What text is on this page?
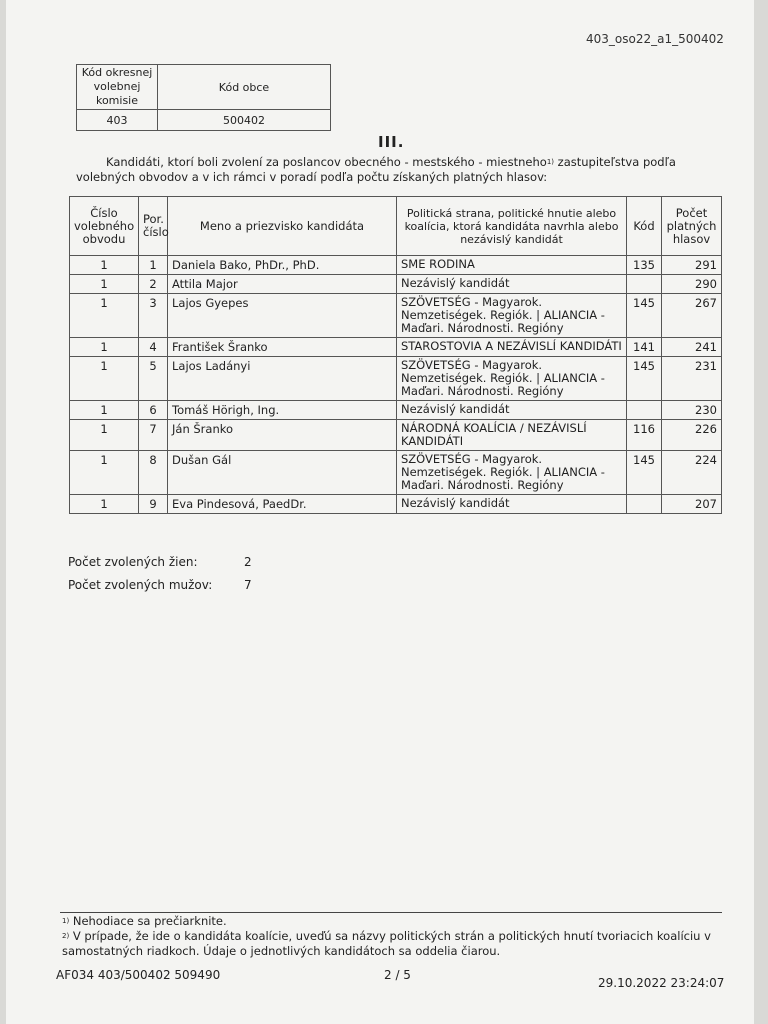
403_oso22_a1_500402
Kód okresnej volebnej komisie	Kód obce
403	500402
III.

Kandidáti, ktorí boli zvolení za poslancov obecného - mestského - miestneho$^{1)}$ zastupiteľstva podľa volebných obvodov a v ich rámci v poradí podľa počtu získaných platných hlasov:

Číslo volebného obvodu	Por. číslo	Meno a priezvisko kandidáta	Politická strana, politické hnutie alebo koalícia, ktorá kandidáta navrhla alebo nezávislý kandidát	Kód	Počet platných hlasov
1	1	Daniela Bako, PhDr., PhD.	SME RODINA	135	291
1	2	Attila Major	Nezávislý kandidát		290
1	3	Lajos Gyepes	SZÖVETSÉG - Magyarok. Nemzetiségek. Regiók. | ALIANCIA - Maďari. Národnosti. Regióny	145	267
1	4	František Šranko	STAROSTOVIA A NEZÁVISLÍ KANDIDÁTI	141	241
1	5	Lajos Ladányi	SZÖVETSÉG - Magyarok. Nemzetiségek. Regiók. | ALIANCIA - Maďari. Národnosti. Regióny	145	231
1	6	Tomáš Hörigh, Ing.	Nezávislý kandidát		230
1	7	Ján Šranko	NÁRODNÁ KOALÍCIA / NEZÁVISLÍ KANDIDÁTI	116	226
1	8	Dušan Gál	SZÖVETSÉG - Magyarok. Nemzetiségek. Regiók. | ALIANCIA - Maďari. Národnosti. Regióny	145	224
1	9	Eva Pindesová, PaedDr.	Nezávislý kandidát		207
Počet zvolených žien:	2
Počet zvolených mužov:	7

$^{1)}$ Nehodiace sa prečiarknite.

$^{2)}$ V prípade, že ide o kandidáta koalície, uveďú sa názvy politických strán a politických hnutí tvoriacich koalíciu v samostatných riadkoch. Údaje o jednotlivých kandidátoch sa oddelia čiarou.

AF034 403/500402 509490	2 / 5
29.10.2022 23:24:07
